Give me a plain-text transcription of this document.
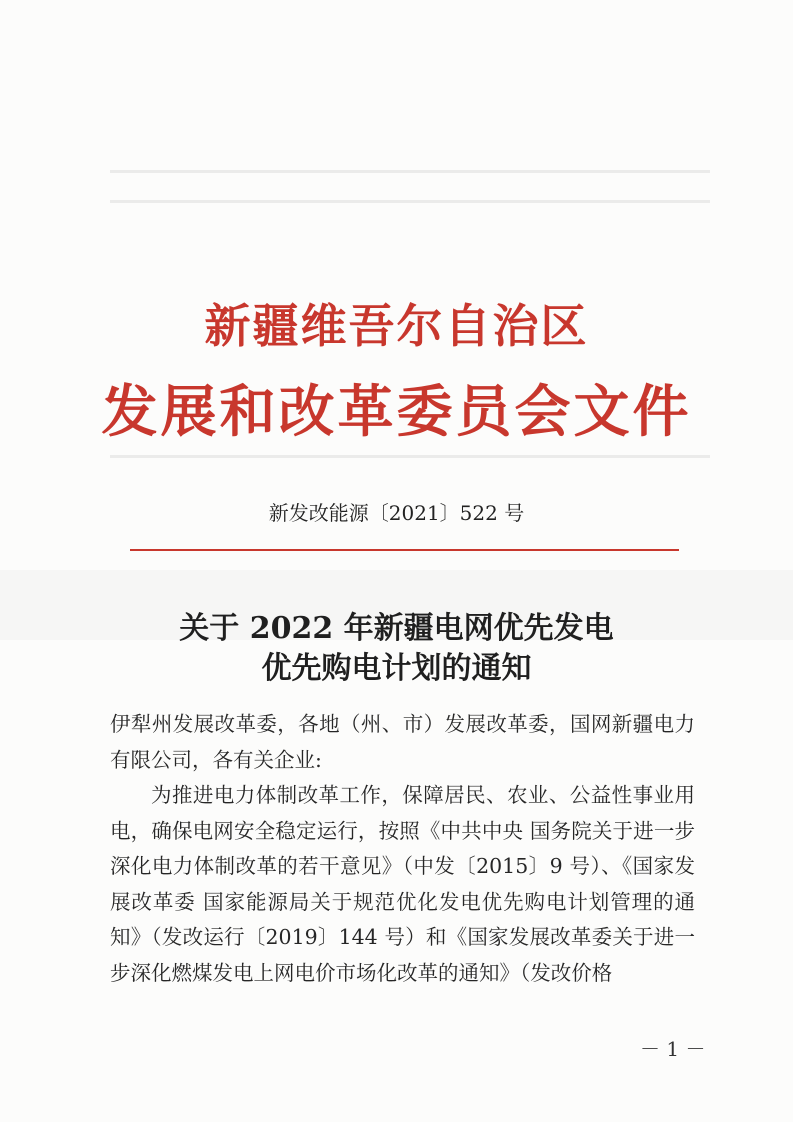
新疆维吾尔自治区
发展和改革委员会文件
新发改能源〔2021〕522 号
关于 2022 年新疆电网优先发电
优先购电计划的通知

伊犁州发展改革委，各地（州、市）发展改革委，国网新疆电力有限公司，各有关企业:

为推进电力体制改革工作，保障居民、农业、公益性事业用电，确保电网安全稳定运行，按照《中共中央 国务院关于进一步深化电力体制改革的若干意见》（中发〔2015〕9 号）、《国家发展改革委 国家能源局关于规范优化发电优先购电计划管理的通知》（发改运行〔2019〕144 号）和《国家发展改革委关于进一步深化燃煤发电上网电价市场化改革的通知》（发改价格

－ 1 －
